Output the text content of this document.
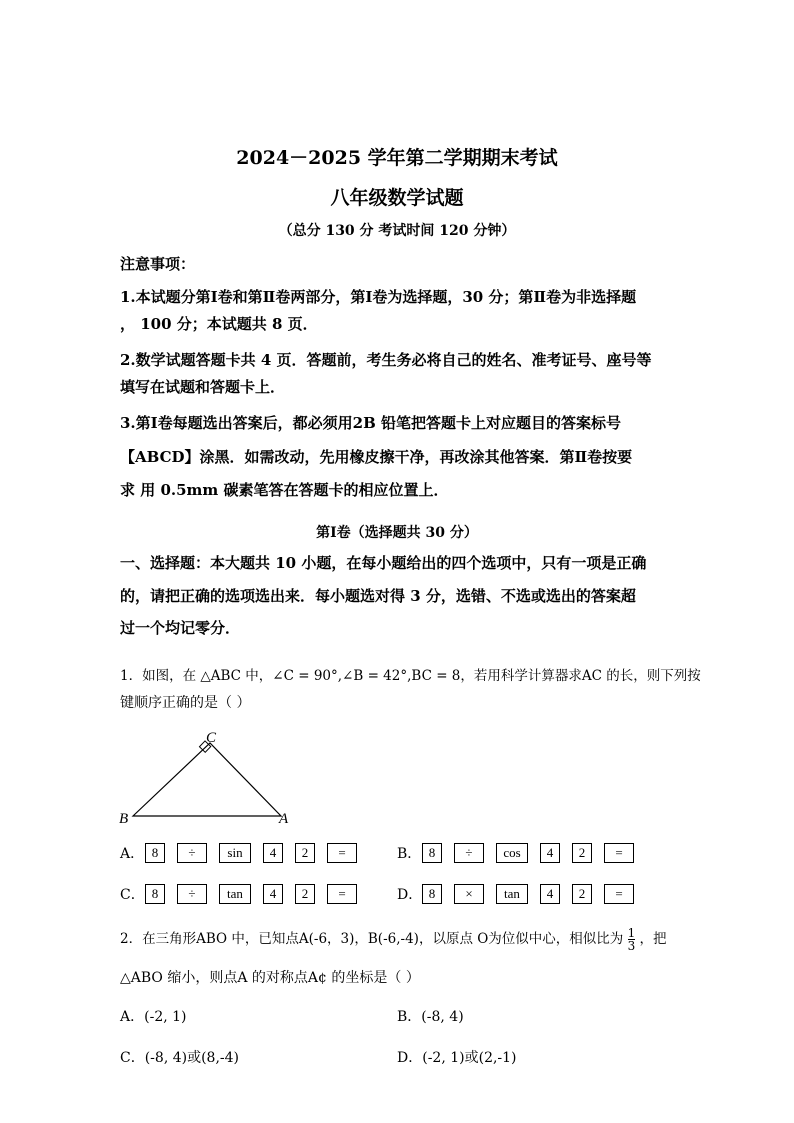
2024－2025 学年第二学期期末考试
八年级数学试题
（总分 130 分 考试时间 120 分钟）
注意事项：
1.本试题分第Ⅰ卷和第Ⅱ卷两部分，第Ⅰ卷为选择题，30 分；第Ⅱ卷为非选择题
， 100 分；本试题共 8 页．
2.数学试题答题卡共 4 页．答题前，考生务必将自己的姓名、准考证号、座号等
填写在试题和答题卡上．
3.第Ⅰ卷每题选出答案后，都必须用2B 铅笔把答题卡上对应题目的答案标号
【ABCD】涂黑．如需改动，先用橡皮擦干净，再改涂其他答案．第Ⅱ卷按要
求 用 0.5mm 碳素笔答在答题卡的相应位置上．
第Ⅰ卷（选择题共 30 分）
一、选择题：本大题共 10 小题，在每小题给出的四个选项中，只有一项是正确
的，请把正确的选项选出来．每小题选对得 3 分，选错、不选或选出的答案超
过一个均记零分．
1．如图，在 △ABC 中，∠C = 90°,∠B = 42°,BC = 8，若用科学计算器求AC 的长，则下列按
键顺序正确的是（ ）
C
B	A
A． 8	÷	sin	4	2	=	B． 8	÷	cos	4	2	=
C． 8	÷	tan	4	2	=	D． 8	×	tan	4	2	=
2．在三角形ABO 中，已知点A(-6，3)，B(-6,-4)，以原点 O为位似中心，相似比为 $\frac{1}{3}$ ，把
△ABO 缩小，则点A 的对称点A¢ 的坐标是（ ）
A．(-2, 1)	B．(-8, 4)
C．(-8, 4)或(8,-4)	D．(-2, 1)或(2,-1)
